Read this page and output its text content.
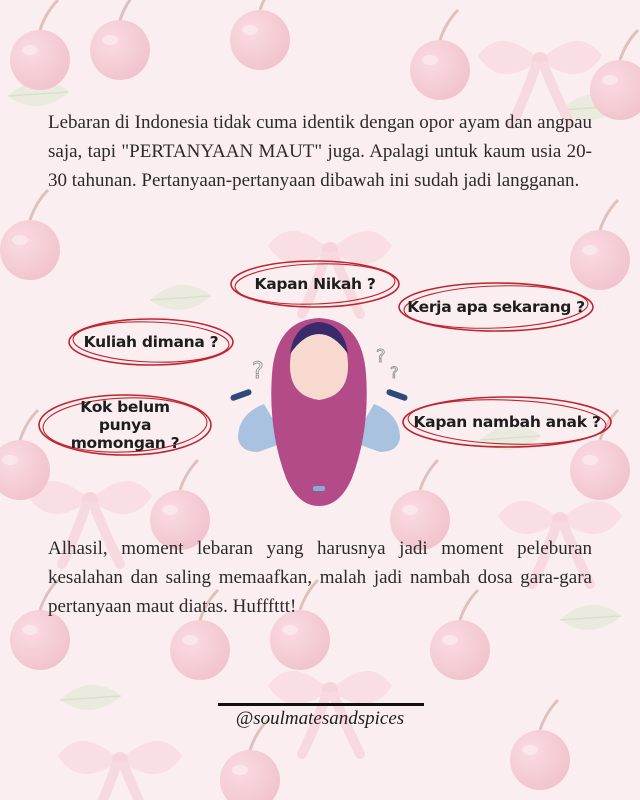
Lebaran di Indonesia tidak cuma identik dengan opor ayam dan angpau saja, tapi "PERTANYAAN MAUT" juga. Apalagi untuk kaum usia 20-30 tahunan. Pertanyaan-pertanyaan dibawah ini sudah jadi langganan.

?
?
?
Kapan Nikah ?
Kerja apa sekarang ?
Kuliah dimana ?
Kok belum punya momongan ?
Kapan nambah anak ?

Alhasil, moment lebaran yang harusnya jadi moment peleburan kesalahan dan saling memaafkan, malah jadi nambah dosa gara-gara pertanyaan maut diatas. Hufffttt!

@soulmatesandspices
